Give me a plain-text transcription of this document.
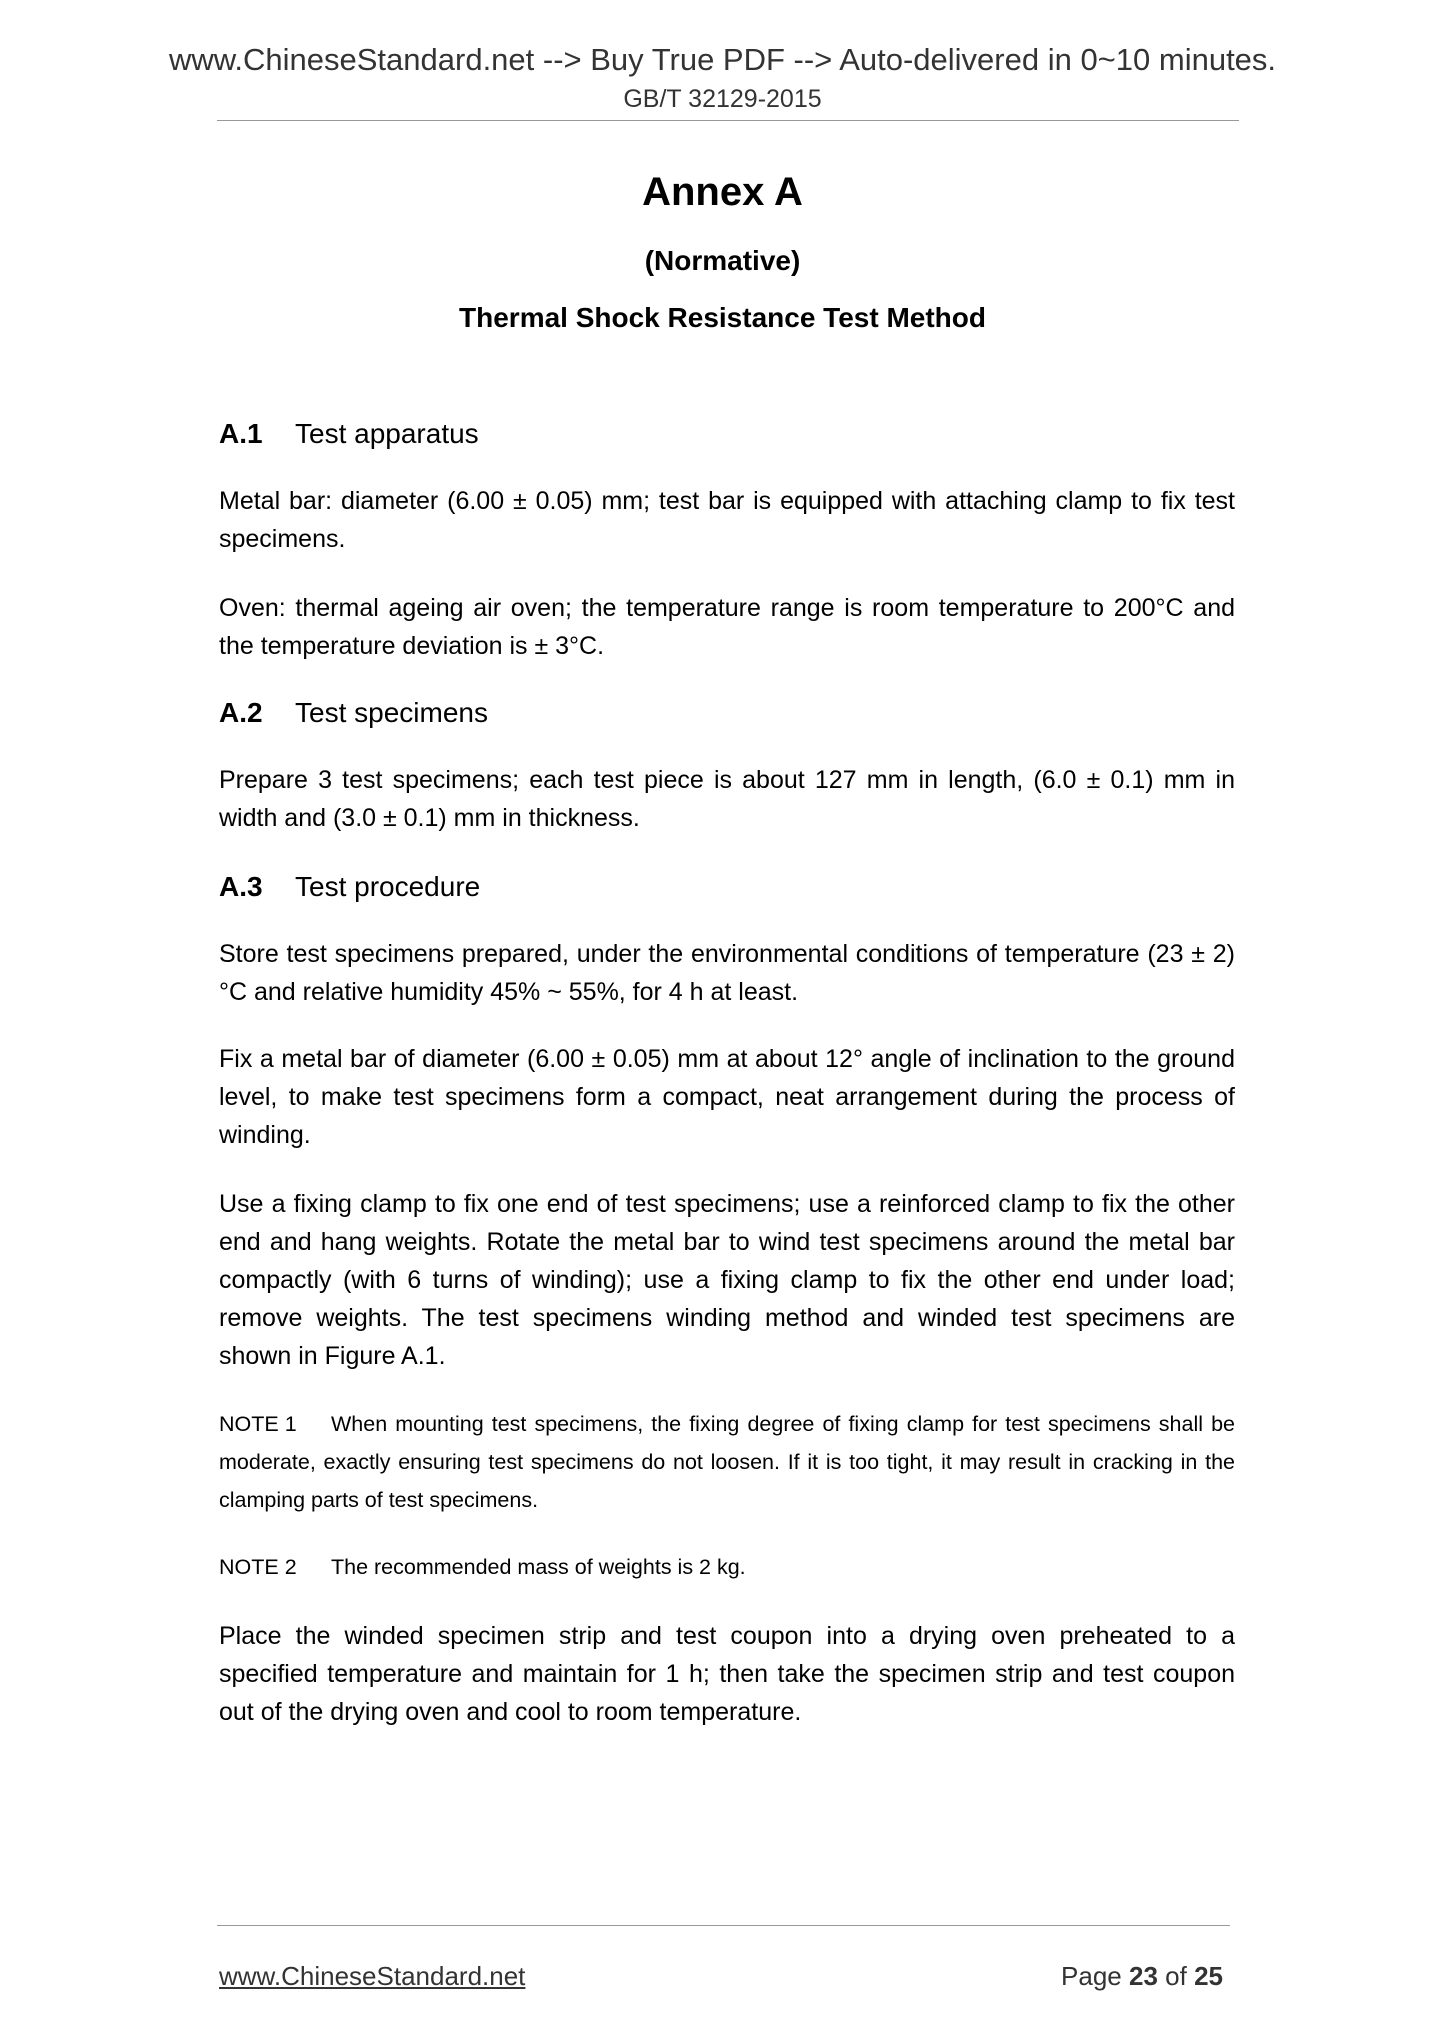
www.ChineseStandard.net --> Buy True PDF --> Auto-delivered in 0~10 minutes.
GB/T 32129-2015
Annex A
(Normative)
Thermal Shock Resistance Test Method
A.1 Test apparatus
Metal bar: diameter (6.00 ± 0.05) mm; test bar is equipped with attaching clamp to fix test specimens.
Oven: thermal ageing air oven; the temperature range is room temperature to 200°C and the temperature deviation is ± 3°C.
A.2 Test specimens
Prepare 3 test specimens; each test piece is about 127 mm in length, (6.0 ± 0.1) mm in width and (3.0 ± 0.1) mm in thickness.
A.3 Test procedure
Store test specimens prepared, under the environmental conditions of temperature (23 ± 2)°C and relative humidity 45% ~ 55%, for 4 h at least.
Fix a metal bar of diameter (6.00 ± 0.05) mm at about 12° angle of inclination to the ground level, to make test specimens form a compact, neat arrangement during the process of winding.
Use a fixing clamp to fix one end of test specimens; use a reinforced clamp to fix the other end and hang weights. Rotate the metal bar to wind test specimens around the metal bar compactly (with 6 turns of winding); use a fixing clamp to fix the other end under load; remove weights. The test specimens winding method and winded test specimens are shown in Figure A.1.
NOTE 1 When mounting test specimens, the fixing degree of fixing clamp for test specimens shall be moderate, exactly ensuring test specimens do not loosen. If it is too tight, it may result in cracking in the clamping parts of test specimens.
NOTE 2 The recommended mass of weights is 2 kg.
Place the winded specimen strip and test coupon into a drying oven preheated to a specified temperature and maintain for 1 h; then take the specimen strip and test coupon out of the drying oven and cool to room temperature.
www.ChineseStandard.net	Page 23 of 25
